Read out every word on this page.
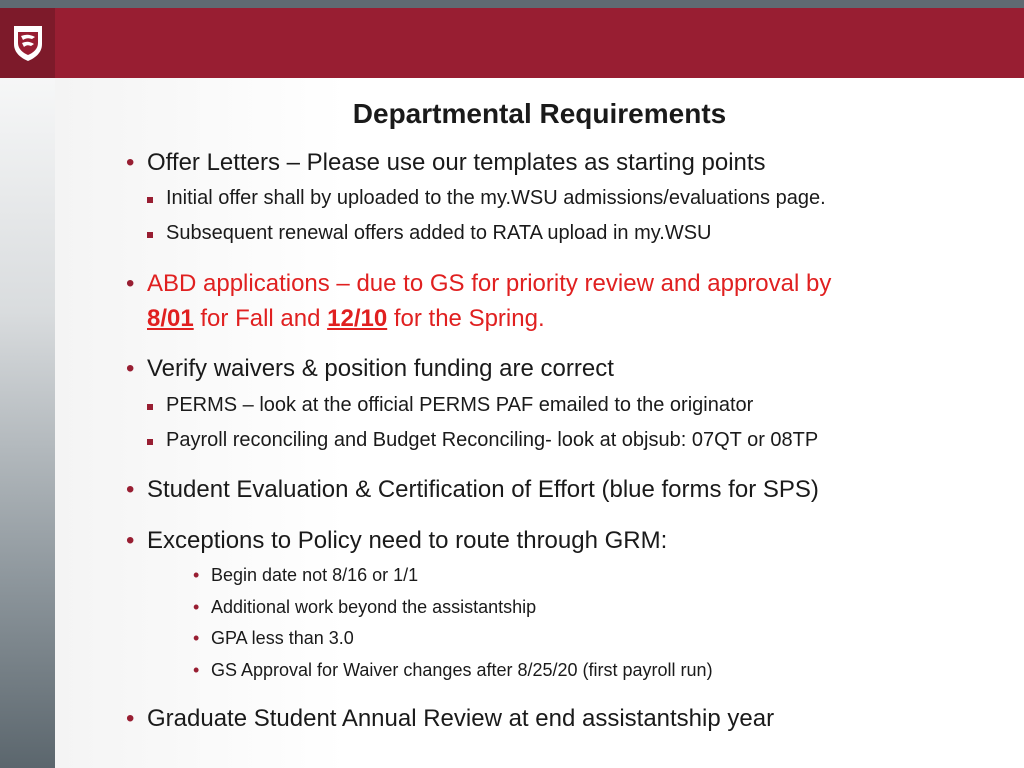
Departmental Requirements
• Offer Letters – Please use our templates as starting points
Initial offer shall by uploaded to the my.WSU admissions/evaluations page.
Subsequent renewal offers added to RATA upload in my.WSU
• ABD applications – due to GS for priority review and approval by
8/01 for Fall and 12/10 for the Spring.
• Verify waivers & position funding are correct
PERMS – look at the official PERMS PAF emailed to the originator
Payroll reconciling and Budget Reconciling- look at objsub: 07QT or 08TP
• Student Evaluation & Certification of Effort (blue forms for SPS)
• Exceptions to Policy need to route through GRM:
• Begin date not 8/16 or 1/1
• Additional work beyond the assistantship
• GPA less than 3.0
• GS Approval for Waiver changes after 8/25/20 (first payroll run)
• Graduate Student Annual Review at end assistantship year
